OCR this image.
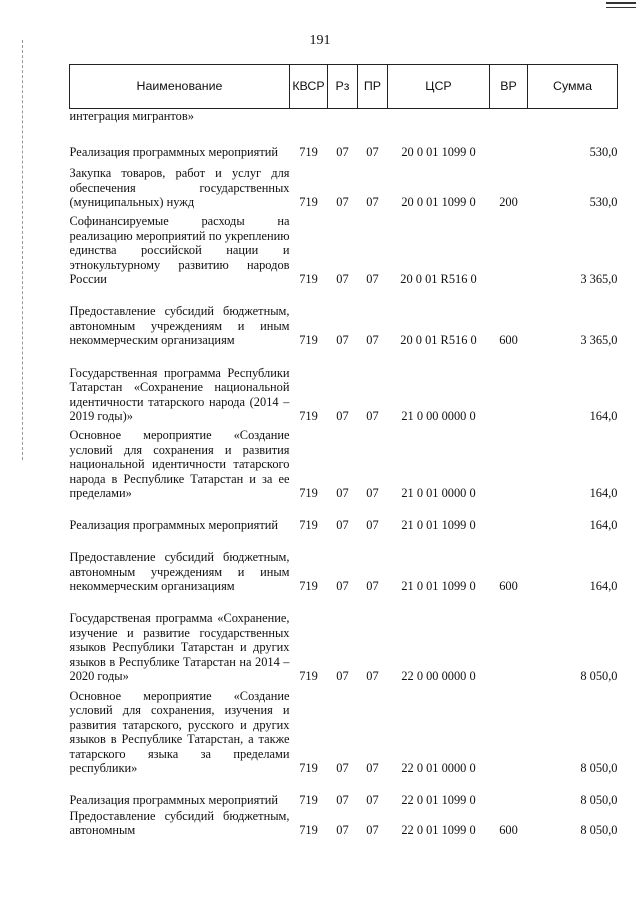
191
Наименование	КВСР	Рз	ПР	ЦСР	ВР	Сумма
интеграция мигрантов»						
Реализация программных мероприятий	719	07	07	20 0 01 1099 0		530,0
Закупка товаров, работ и услуг для обеспечения государственных (муниципальных) нужд	719	07	07	20 0 01 1099 0	200	530,0
Софинансируемые расходы на реализацию мероприятий по укреплению единства российской нации и этнокультурному развитию народов России	719	07	07	20 0 01 R516 0		3 365,0
Предоставление субсидий бюджетным, автономным учреждениям и иным некоммерческим организациям	719	07	07	20 0 01 R516 0	600	3 365,0
Государственная программа Республики Татарстан «Сохранение национальной идентичности татарского народа (2014 – 2019 годы)»	719	07	07	21 0 00 0000 0		164,0
Основное мероприятие «Создание условий для сохранения и развития национальной идентичности татарского народа в Республике Татарстан и за ее пределами»	719	07	07	21 0 01 0000 0		164,0
Реализация программных мероприятий	719	07	07	21 0 01 1099 0		164,0
Предоставление субсидий бюджетным, автономным учреждениям и иным некоммерческим организациям	719	07	07	21 0 01 1099 0	600	164,0
Государственая программа «Сохранение, изучение и развитие государственных языков Республики Татарстан и других языков в Республике Татарстан на 2014 – 2020 годы»	719	07	07	22 0 00 0000 0		8 050,0
Основное мероприятие «Создание условий для сохранения, изучения и развития татарского, русского и других языков в Республике Татарстан, а также татарского языка за пределами республики»	719	07	07	22 0 01 0000 0		8 050,0
Реализация программных мероприятий	719	07	07	22 0 01 1099 0		8 050,0
Предоставление субсидий бюджетным, автономным	719	07	07	22 0 01 1099 0	600	8 050,0
